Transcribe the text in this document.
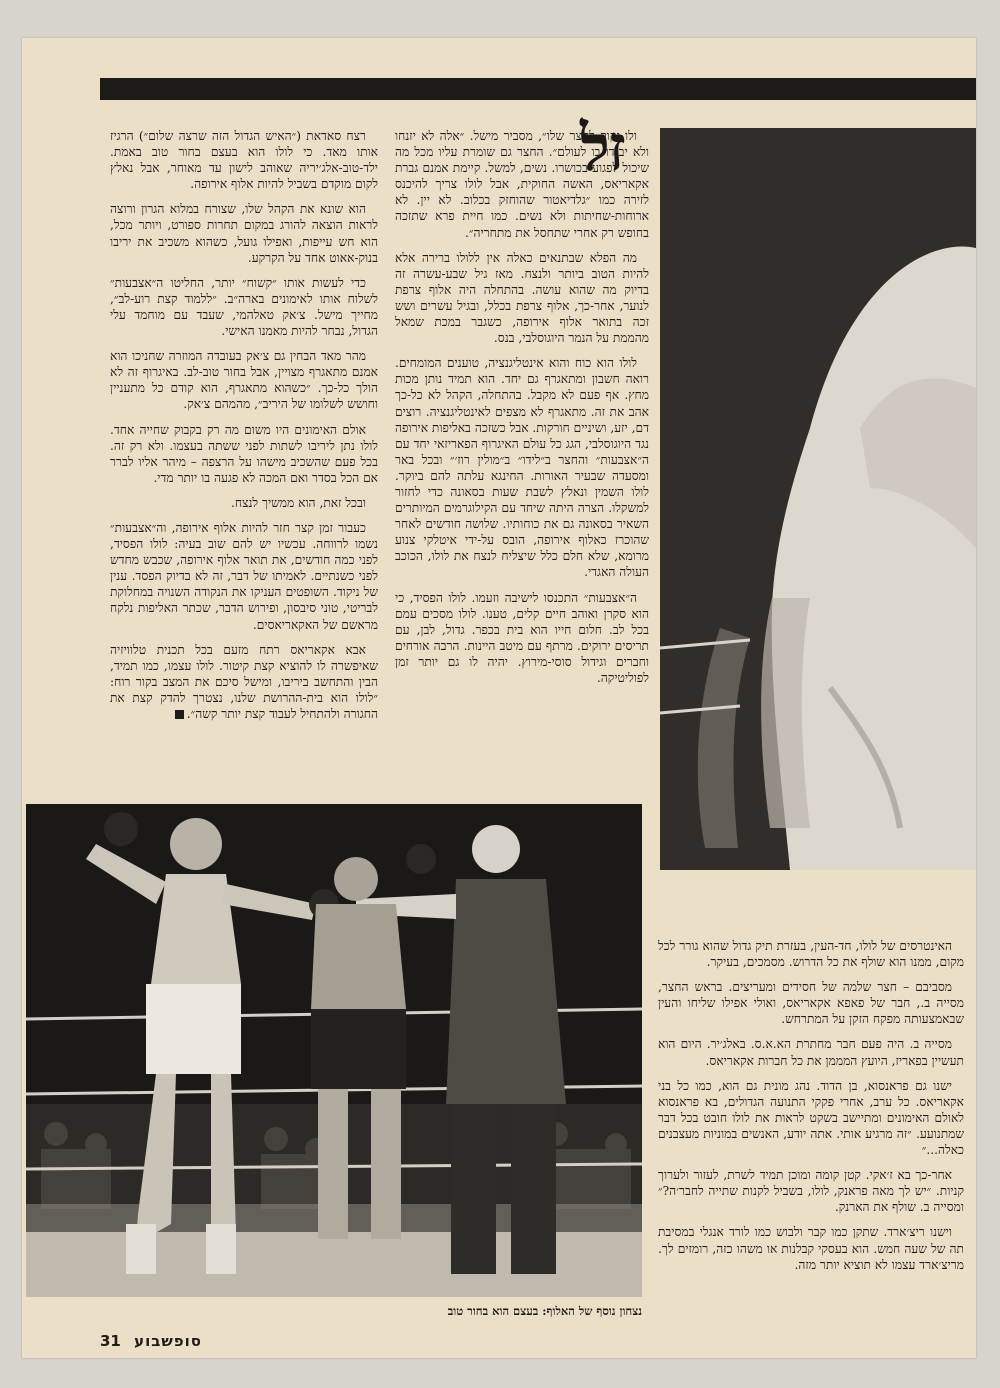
זל

ולו זקוק לחצר שלו״, מסביר מישל. ״אלה לא יזנחו ולא יבגדו בו לעולם״. החצר גם שומרת עליו מכל מה שיכול לפגוע בכושרו. נשים, למשל. קיימת אמנם גברת אקאריאס, האשה החוקית, אבל לולו צריך להיכנס לזירה כמו ״גלדיאטור שהוחזק בכלוב. לא יין. לא ארוחות-שחיתות ולא נשים. כמו חיית פרא שתזכה בחופש רק אחרי שתחסל את מתחריה״.

מה הפלא שבתנאים כאלה אין ללולו ברירה אלא להיות הטוב ביותר ולנצח. מאז גיל שבע-עשרה זה בדיוק מה שהוא עושה. בהתחלה היה אלוף צרפת לנוער, אחר-כך, אלוף צרפת בכלל, ובגיל עשרים ושש זכה בתואר אלוף אירופה, כשגבר במכת שמאל מהממת על הנמר היוגוסלבי, בנס.

לולו הוא כוח והוא אינטליגנציה, טוענים המומחים. רואה חשבון ומתאגרף גם יחד. הוא תמיד נותן מכות מחץ. אף פעם לא מקבל. בהתחלה, הקהל לא כל-כך אהב את זה. מתאגרף לא מצפים לאינטליגנציה. רוצים דם, יזע, ושיניים חורקות. אבל כשזכה באליפות אירופה נגד היוגוסלבי, הגג כל עולם האיגרוף הפאריזאי יחד עם ה״אצבעות״ והחצר ב״לידו״ ב״מולין רוז׳״ ובכל באר ומסעדה שבעיר האורות. החינגא עלתה להם ביוקר. לולו השמין ונאלץ לשבת שעות בסאונה כדי לחזור למשקלו. הצרה היתה שיחד עם הקילוגרמים המיותרים השאיר בסאונה גם את כוחותיו. שלושה חודשים לאחר שהוכרז כאלוף אירופה, הובס על-ידי איטלקי צנוע מרומא, שלא חלם כלל שיצליח לנצח את לולו, הכוכב העולה האגדי.

ה״אצבעות״ התכנסו לישיבה וזעמו. לולו הפסיד, כי הוא סקרן ואוהב חיים קלים, טענו. לולו מסכים עמם בכל לב. חלום חייו הוא בית בכפר. גדול, לבן, עם תריסים ירוקים. מרתף עם מיטב היינות. הרבה אורחים וחברים וגידול סוסי-מירוץ. יהיה לו גם יותר זמן לפוליטיקה.

רצח סאדאת (״האיש הגדול הזה שרצה שלום״) הרגיז אותו מאד. כי לולו הוא בעצם בחור טוב באמת. ילד-טוב-אלג׳יריה שאוהב לישון עד מאוחר, אבל נאלץ לקום מוקדם בשביל להיות אלוף אירופה.

הוא שונא את הקהל שלו, שצורח במלוא הגרון ורוצה לראות הוצאה להורג במקום תחרות ספורט, ויותר מכל, הוא חש עייפות, ואפילו גועל, כשהוא משכיב את יריבו בנוק-אאוט אחד על הקרקע.

כדי לעשות אותו ״קשוח״ יותר, החליטו ה״אצבעות״ לשלוח אותו לאימונים בארה״ב. ״ללמוד קצת רוע-לב״, מחייך מישל. צ׳אק טאלהמי, שעבד עם מוחמד עלי הגדול, נבחר להיות מאמנו האישי.

מהר מאד הבחין גם צ׳אק בעובדה המוזרה שחניכו הוא אמנם מתאגרף מצויין, אבל בחור טוב-לב. באיגרוף זה לא הולך כל-כך. ״כשהוא מתאגרף, הוא קודם כל מתעניין וחושש לשלומו של היריב״, מהמהם צ׳אק.

אולם האימונים היו משום מה רק בקבוק שחייה אחד. לולו נתן ליריבו לשתות לפני ששתה בעצמו. ולא רק זה. בכל פעם שהשכיב מישהו על הרצפה – מיהר אליו לברר אם הכל בסדר ואם המכה לא פגעה בו יותר מדי.

ובכל זאת, הוא ממשיך לנצח.

כעבור זמן קצר חזר להיות אלוף אירופה, וה״אצבעות״ נשמו לרווחה. עכשיו יש להם שוב בעיה: לולו הפסיד, לפני כמה חודשים, את תואר אלוף אירופה, שכבש מחדש לפני כשנתיים. לאמיתו של דבר, זה לא בדיוק הפסד. ענין של ניקוד. השופטים העניקו את הנקודה השנויה במחלוקת לבריטי, טוני סיבסון, ופירוש הדבר, שכתר האליפות נלקח מראשם של האקאריאסים.

אבא אקאריאס רתח מזעם בכל תכנית טלוויזיה שאיפשרה לו להוציא קצת קיטור. לולו עצמו, כמו תמיד, הבין והתחשב ביריבו, ומישל סיכם את המצב בקור רוח: ״לולו הוא בית-ההרושת שלנו, נצטרך להדק קצת את החגורה ולהתחיל לעבוד קצת יותר קשה״.

האינטרסים של לולו, חד-העין, בעזרת תיק גדול שהוא גורר לכל מקום, ממנו הוא שולף את כל הדרוש. מסמכים, בעיקר.

מסביבם – חצר שלמה של חסידים ומעריצים. בראש החצר, מסייה ב., חבר של פאפא אקאריאס, ואולי אפילו שליחו והעין שבאמצעותה מפקח הזקן על המתרחש.

מסייה ב. היה פעם חבר מחתרת הא.א.ס. באלג׳יר. היום הוא תעשיין בפאריז, היועץ המממן את כל חברות אקאריאס.

ישנו גם פראנסוא, בן הדוד. נהג מונית גם הוא, כמו כל בני אקאריאס. כל ערב, אחרי פקקי התנועה הגדולים, בא פראנסוא לאולם האימונים ומתיישב בשקט לראות את לולו חובט בכל דבר שמתנועע. ״זה מרגיע אותי. אתה יודע, האנשים במוניות מעצבנים כאלה...״

אחר-כך בא ז׳אקי. קטן קומה ומוכן תמיד לשרת, לעזור ולערוך קניות. ״יש לך מאה פראנק, לולו, בשביל לקנות שתייה לחבר׳ה?״ ומסייה ב. שולף את הארנק.

וישנו ריצ׳ארד. שתקן כמו קבר ולבוש כמו לורד אנגלי במסיבת תה של שעה חמש. הוא בעסקי קבלנות או משהו כזה, רומזים לך. מריצ׳ארד עצמו לא תוציא יותר מזה.

נצחון נוסף של האלוף: בעצם הוא בחור טוב
31 סופשבוע
